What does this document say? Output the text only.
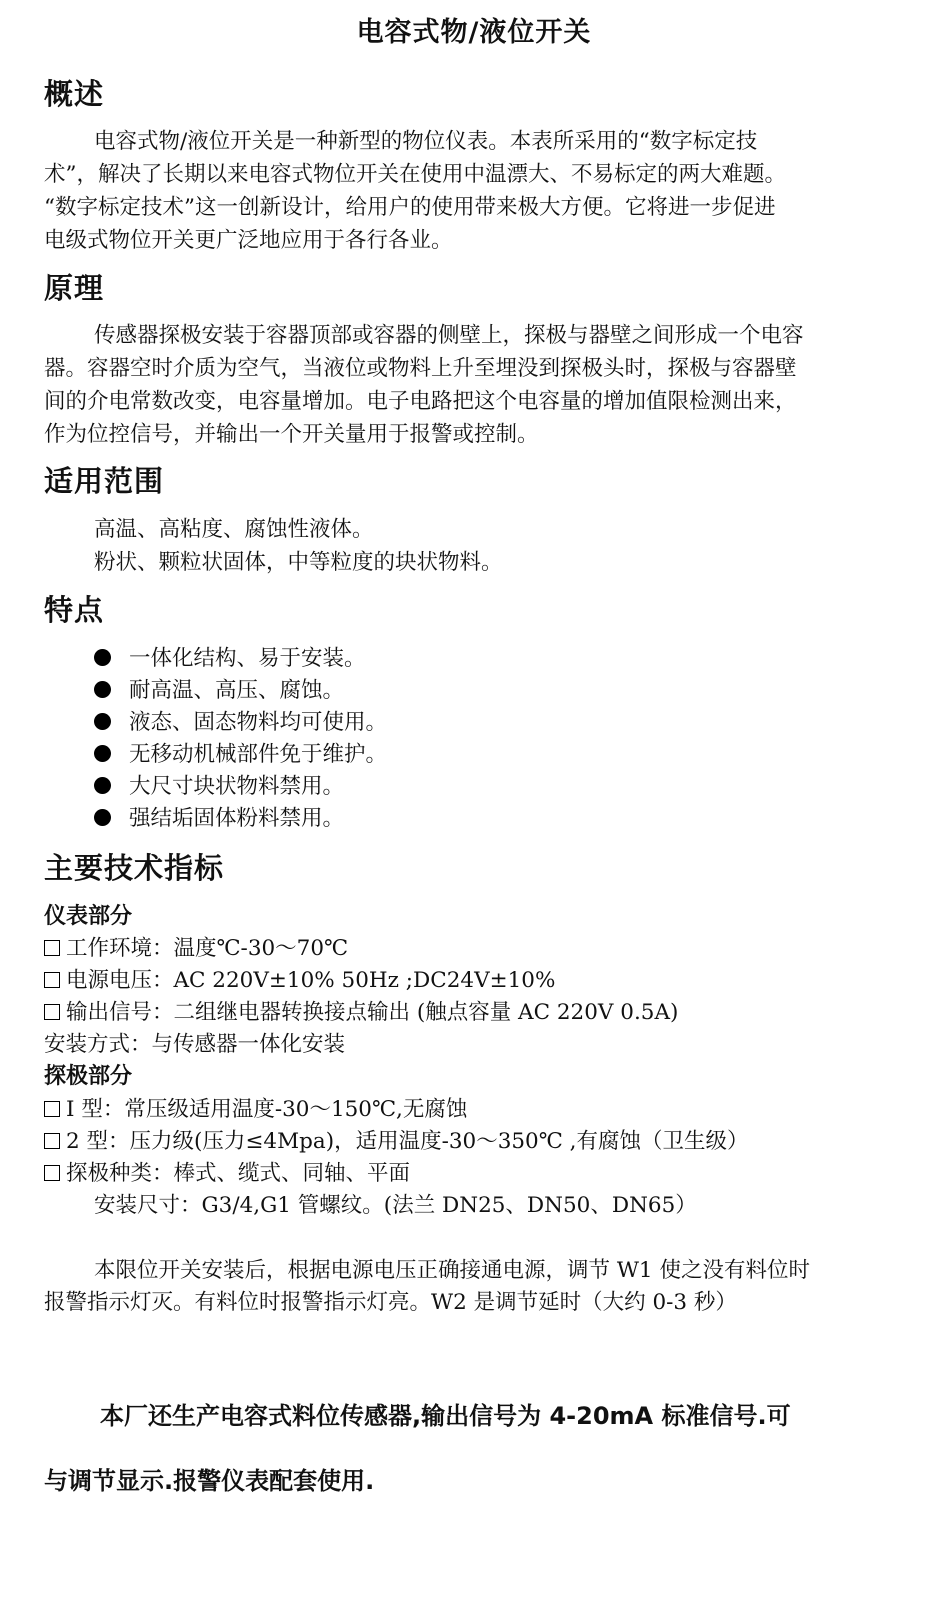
电容式物/液位开关
概述
电容式物/液位开关是一种新型的物位仪表。本表所采用的“数字标定技
术”，解决了长期以来电容式物位开关在使用中温漂大、不易标定的两大难题。
“数字标定技术”这一创新设计，给用户的使用带来极大方便。它将进一步促进
电级式物位开关更广泛地应用于各行各业。
原理
传感器探极安装于容器顶部或容器的侧壁上，探极与器壁之间形成一个电容
器。容器空时介质为空气，当液位或物料上升至埋没到探极头时，探极与容器壁
间的介电常数改变，电容量增加。电子电路把这个电容量的增加值限检测出来，
作为位控信号，并输出一个开关量用于报警或控制。
适用范围
高温、高粘度、腐蚀性液体。
粉状、颗粒状固体，中等粒度的块状物料。
特点
一体化结构、易于安装。
耐高温、高压、腐蚀。
液态、固态物料均可使用。
无移动机械部件免于维护。
大尺寸块状物料禁用。
强结垢固体粉料禁用。
主要技术指标
仪表部分
工作环境：温度℃-30～70℃
电源电压：AC 220V±10% 50Hz ;DC24V±10%
输出信号：二组继电器转换接点输出 (触点容量 AC 220V 0.5A)
安装方式：与传感器一体化安装
探极部分
I 型：常压级适用温度-30～150℃,无腐蚀
2 型：压力级(压力≤4Mpa)，适用温度-30～350℃ ,有腐蚀（卫生级）
探极种类：棒式、缆式、同轴、平面
安装尺寸：G3/4,G1 管螺纹。(法兰 DN25、DN50、DN65）
本限位开关安装后，根据电源电压正确接通电源，调节 W1 使之没有料位时
报警指示灯灭。有料位时报警指示灯亮。W2 是调节延时（大约 0-3 秒）
本厂还生产电容式料位传感器,输出信号为 4-20mA 标准信号.可
与调节显示.报警仪表配套使用.
